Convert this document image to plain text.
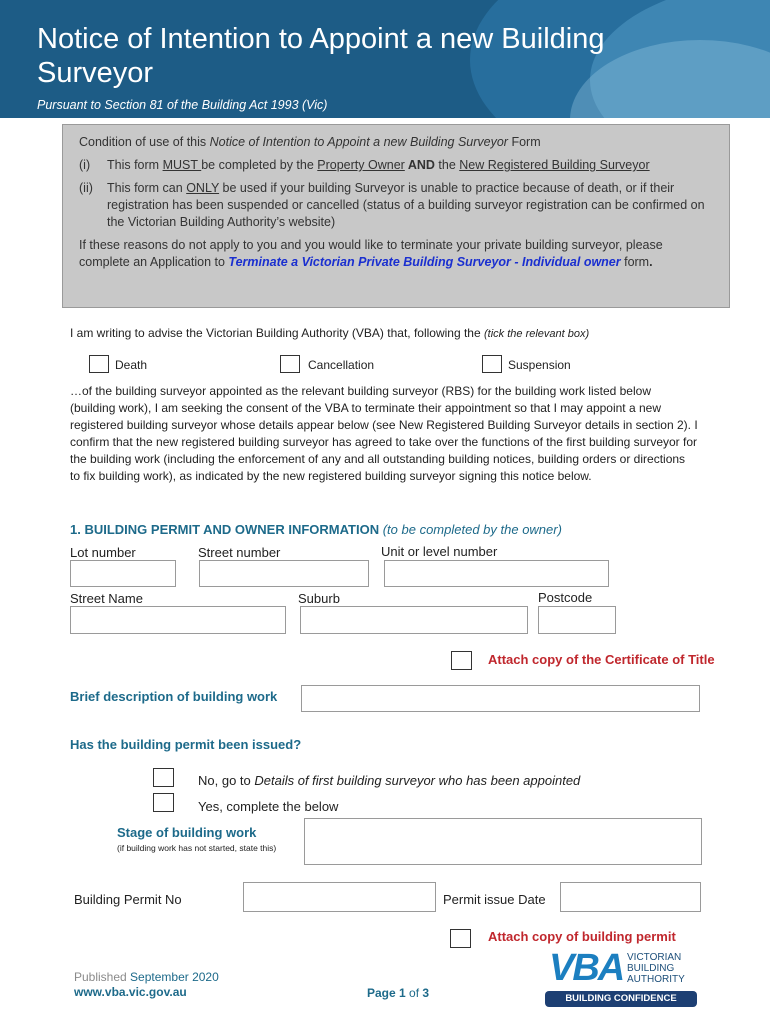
Notice of Intention to Appoint a new Building Surveyor
Pursuant to Section 81 of the Building Act 1993 (Vic)

Condition of use of this Notice of Intention to Appoint a new Building Surveyor Form

(i)	This form MUST be completed by the Property Owner AND the New Registered Building Surveyor
(ii)	This form can ONLY be used if your building Surveyor is unable to practice because of death, or if their registration has been suspended or cancelled (status of a building surveyor registration can be confirmed on the Victorian Building Authority’s website)

If these reasons do not apply to you and you would like to terminate your private building surveyor, please complete an Application to Terminate a Victorian Private Building Surveyor - Individual owner form.

I am writing to advise the Victorian Building Authority (VBA) that, following the (tick the relevant box)
Death	Cancellation	Suspension

…of the building surveyor appointed as the relevant building surveyor (RBS) for the building work listed below (building work), I am seeking the consent of the VBA to terminate their appointment so that I may appoint a new registered building surveyor whose details appear below (see New Registered Building Surveyor details in section 2). I confirm that the new registered building surveyor has agreed to take over the functions of the first building surveyor for the building work (including the enforcement of any and all outstanding building notices, building orders or directions to fix building work), as indicated by the new registered building surveyor signing this notice below.

1. BUILDING PERMIT AND OWNER INFORMATION (to be completed by the owner)
Lot number	Street number	Unit or level number
Street Name	Suburb	Postcode
Attach copy of the Certificate of Title
Brief description of building work
Has the building permit been issued?
No, go to Details of first building surveyor who has been appointed
Yes, complete the below
Stage of building work
(if building work has not started, state this)
Building Permit No	Permit issue Date
Attach copy of building permit
Published September 2020
www.vba.vic.gov.au	Page 1 of 3
VBA VICTORIAN
BUILDING
AUTHORITY
BUILDING CONFIDENCE
